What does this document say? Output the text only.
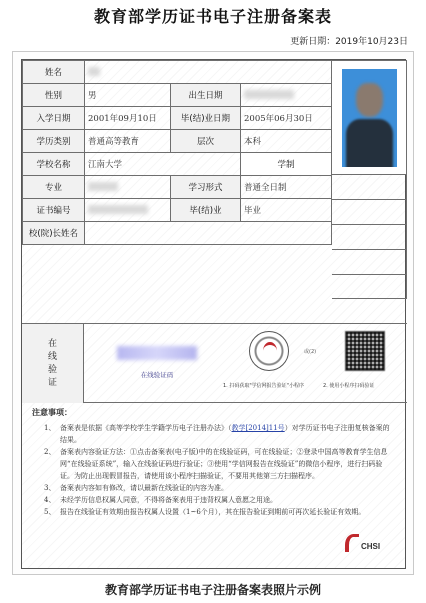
教育部学历证书电子注册备案表
更新日期：2019年10月23日
姓名			
性别	男	出生日期	
入学日期	2001年09月10日	毕(结)业日期	2005年06月30日
学历类别	普通高等教育	层次	本科
学校名称	江南大学		学制
专业		学习形式	普通全日制
证书编号		毕(结)业	毕业
校(院)长姓名			
在
线
验
证
在线验证码
或(2)
1. 扫码获取"学信网报告验证"小程序	2. 使用小程序扫码验证
注意事项：
1、 备案表是依据《高等学校学生学籍学历电子注册办法》（教学[2014]11号）对学历证书电子注册复核备案的结果。
2、 备案表内容验证方法：①点击备案表(电子版)中的在线验证码，可在线验证；②登录中国高等教育学生信息网“在线验证系统”，输入在线验证码进行验证；③使用“学信网报告在线验证”的微信小程序，进行扫码验证。为防止出现假冒报告，请使用该小程序扫描验证，不要用其他第三方扫描程序。
3、 备案表内容如有修改，请以最新在线验证的内容为准。
4、 未经学历信息权属人同意，不得将备案表用于违背权属人意愿之用途。
5、 报告在线验证有效期由报告权属人设置（1~6个月），其在报告验证到期前可再次延长验证有效期。
CHSI
教育部学历证书电子注册备案表照片示例
